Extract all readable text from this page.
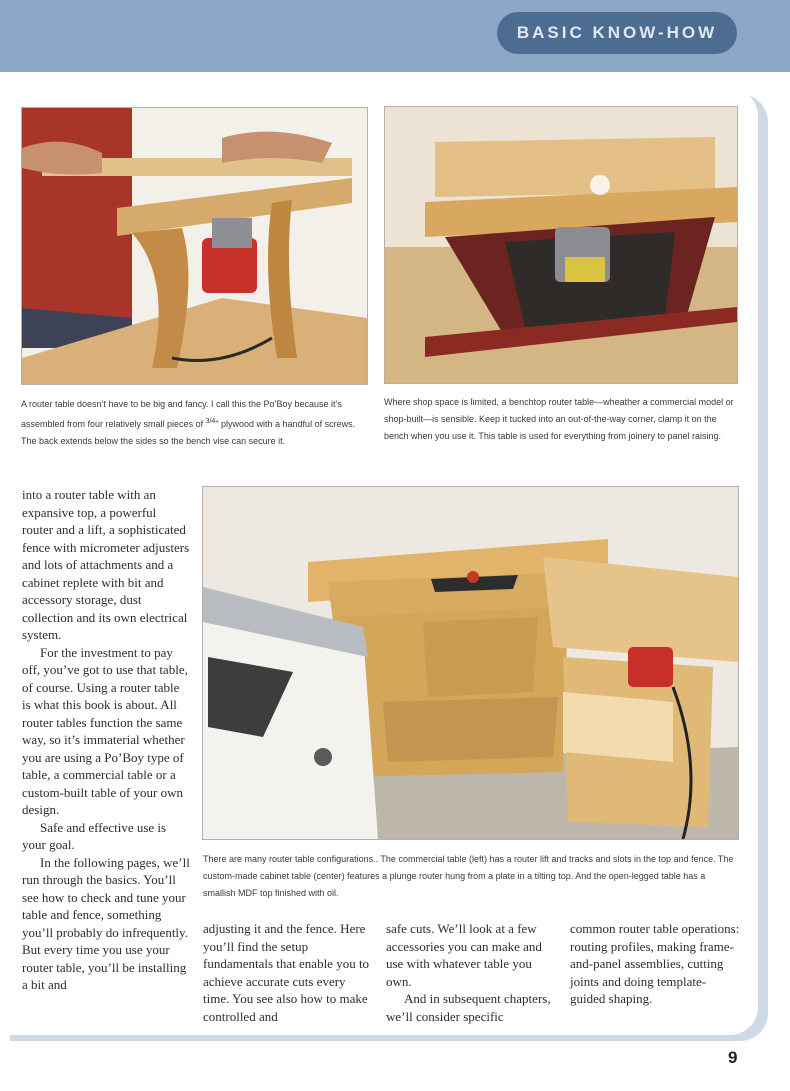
BASIC KNOW-HOW

A router table doesn’t have to be big and fancy. I call this the Po’Boy because it’s assembled from four relatively small pieces of $^{3/4}$" plywood with a handful of screws. The back extends below the sides so the bench vise can secure it.

Where shop space is limited, a benchtop router table—wheather a commercial model or shop-built—is sensible. Keep it tucked into an out-of-the-way corner, clamp it on the bench when you use it. This table is used for everything from joinery to panel raising.

There are many router table configurations.. The commercial table (left) has a router lift and tracks and slots in the top and fence. The custom-made cabinet table (center) features a plunge router hung from a plate in a tilting top. And the open-legged table has a smallish MDF top finished with oil.

into a router table with an expansive top, a powerful router and a lift, a sophisticated fence with micrometer adjusters and lots of attachments and a cabinet replete with bit and accessory storage, dust collection and its own electrical system.

For the investment to pay off, you’ve got to use that table, of course. Using a router table is what this book is about. All router tables function the same way, so it’s immaterial whether you are using a Po’Boy type of table, a commercial table or a custom-built table of your own design.

Safe and effective use is your goal.

In the following pages, we’ll run through the basics. You’ll see how to check and tune your table and fence, something you’ll probably do infrequently. But every time you use your router table, you’ll be installing a bit and

adjusting it and the fence. Here you’ll find the setup fundamentals that enable you to achieve accurate cuts every time. You see also how to make controlled and

safe cuts. We’ll look at a few accessories you can make and use with whatever table you own.

And in subsequent chapters, we’ll consider specific

common router table operations: routing profiles, making frame-and-panel assemblies, cutting joints and doing template-guided shaping.

9
